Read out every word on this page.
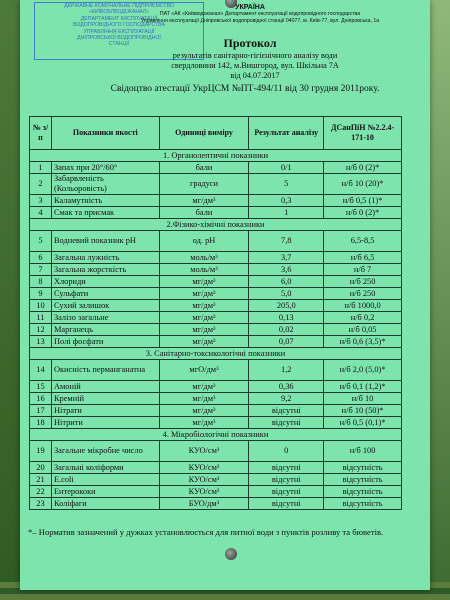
ДЕРЖАВНЕ КОМУНАЛЬНЕ ПІДПРИЄМСТВО
«КИЇВОБЛВОДОКАНАЛ»
ДЕПАРТАМЕНТ ЕКСПЛУАТАЦІЇ
ВОДОПРОВІДНОГО ГОСПОДАРСТВА
УПРАВЛІННЯ ЕКСПЛУАТАЦІЇ
ДНІПРОВСЬКОЇ ВОДОПРОВІДНОЇ
СТАНЦІЇ
УКРАЇНА
ПАТ «АК «Київводоканал» Департамент експлуатації водопровідного господарства
Управління експлуатації Дніпровської водопровідної станції 04077, м. Київ-77, вул. Дніпровська, 1а
Протокол
результатів санітарно-гігієнічного аналізу води
свердловини 142, м.Вишгород, вул. Шкільна 7А
від 04.07.2017
Свідоцтво атестації УкрЦСМ №ПТ-494/11 від 30 грудня 2011року.
№ з/п	Показники якості	Одиниці виміру	Результат аналізу	ДСанПіН №2.2.4-171-10
1. Органолептичні показники				
1	Запах при 20°/60°	бали	0/1	н/б 0 (2)*
2	Забарвленість (Кольоровість)	градуси	5	н/б 10 (20)*
3	Каламутність	мг/дм³	0,3	н/б 0,5 (1)*
4	Смак та присмак	бали	1	н/б 0 (2)*
2.Фізико-хімічні показники				
5	Водневий показник рН	од. рН	7,8	6,5-8,5
6	Загальна лужність	моль/м³	3,7	н/б 6,5
7	Загальна жорсткість	моль/м³	3,6	н/б 7
8	Хлориди	мг/дм³	6,0	н/б 250
9	Сульфати	мг/дм³	5,0	н/б 250
10	Сухий залишок	мг/дм³	205,0	н/б 1000,0
11	Залізо загальне	мг/дм³	0,13	н/б 0,2
12	Марганець	мг/дм³	0,02	н/б 0,05
13	Полі фосфати	мг/дм³	0,07	н/б 0,6 (3,5)*
3. Санітарно-токсикологічні показники				
14	Окисність перманганатна	мгО/дм³	1,2	н/б 2,0 (5,0)*
15	Амоній	мг/дм³	0,36	н/б 0,1 (1,2)*
16	Кремній	мг/дм³	9,2	н/б 10
17	Нітрати	мг/дм³	відсутні	н/б 10 (50)*
18	Нітрити	мг/дм³	відсутні	н/б 0,5 (0,1)*
4. Мікробіологічні показники				
19	Загальне мікробне число	КУО/см³	0	н/б 100
20	Загальні коліформи	КУО/см³	відсутні	відсутність
21	E.colі	КУО/см³	відсутні	відсутність
22	Ентерококи	КУО/см³	відсутні	відсутність
23	Коліфаги	БУО/дм³	відсутні	відсутність
*– Норматив зазначений у дужках установлюється для питної води з пунктів розливу та бюветів.
